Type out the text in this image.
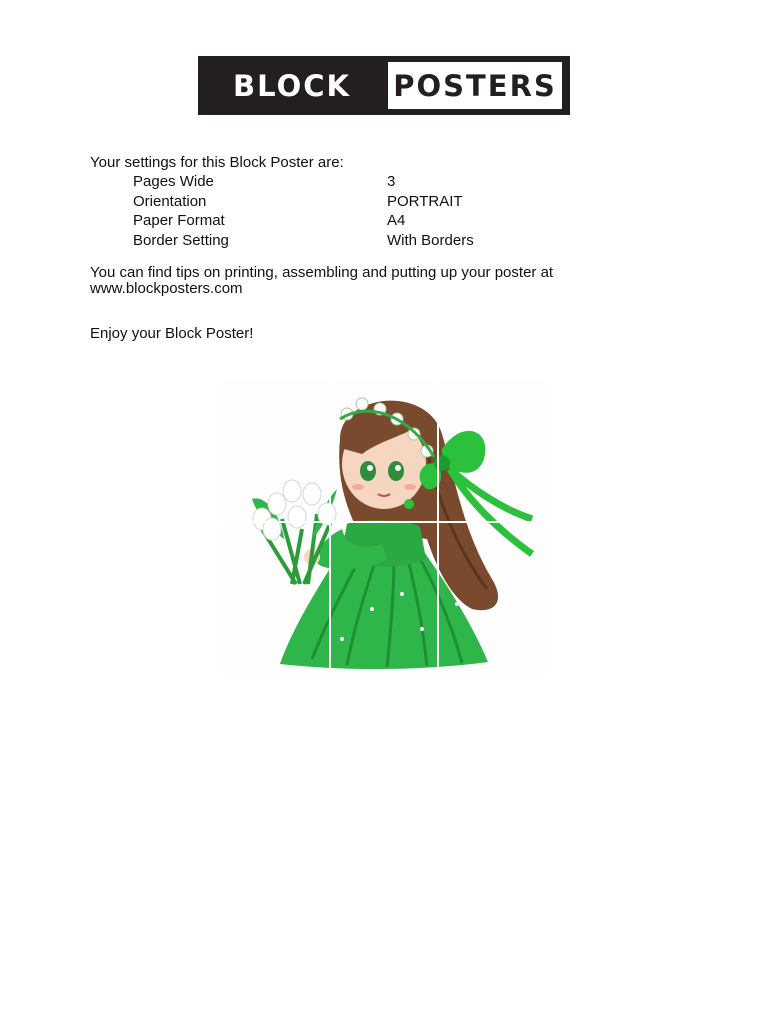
BLOCK	POSTERS
Your settings for this Block Poster are:
Pages Wide	3
Orientation	PORTRAIT
Paper Format	A4
Border Setting	With Borders
You can find tips on printing, assembling and putting up your poster at
www.blockposters.com
Enjoy your Block Poster!
